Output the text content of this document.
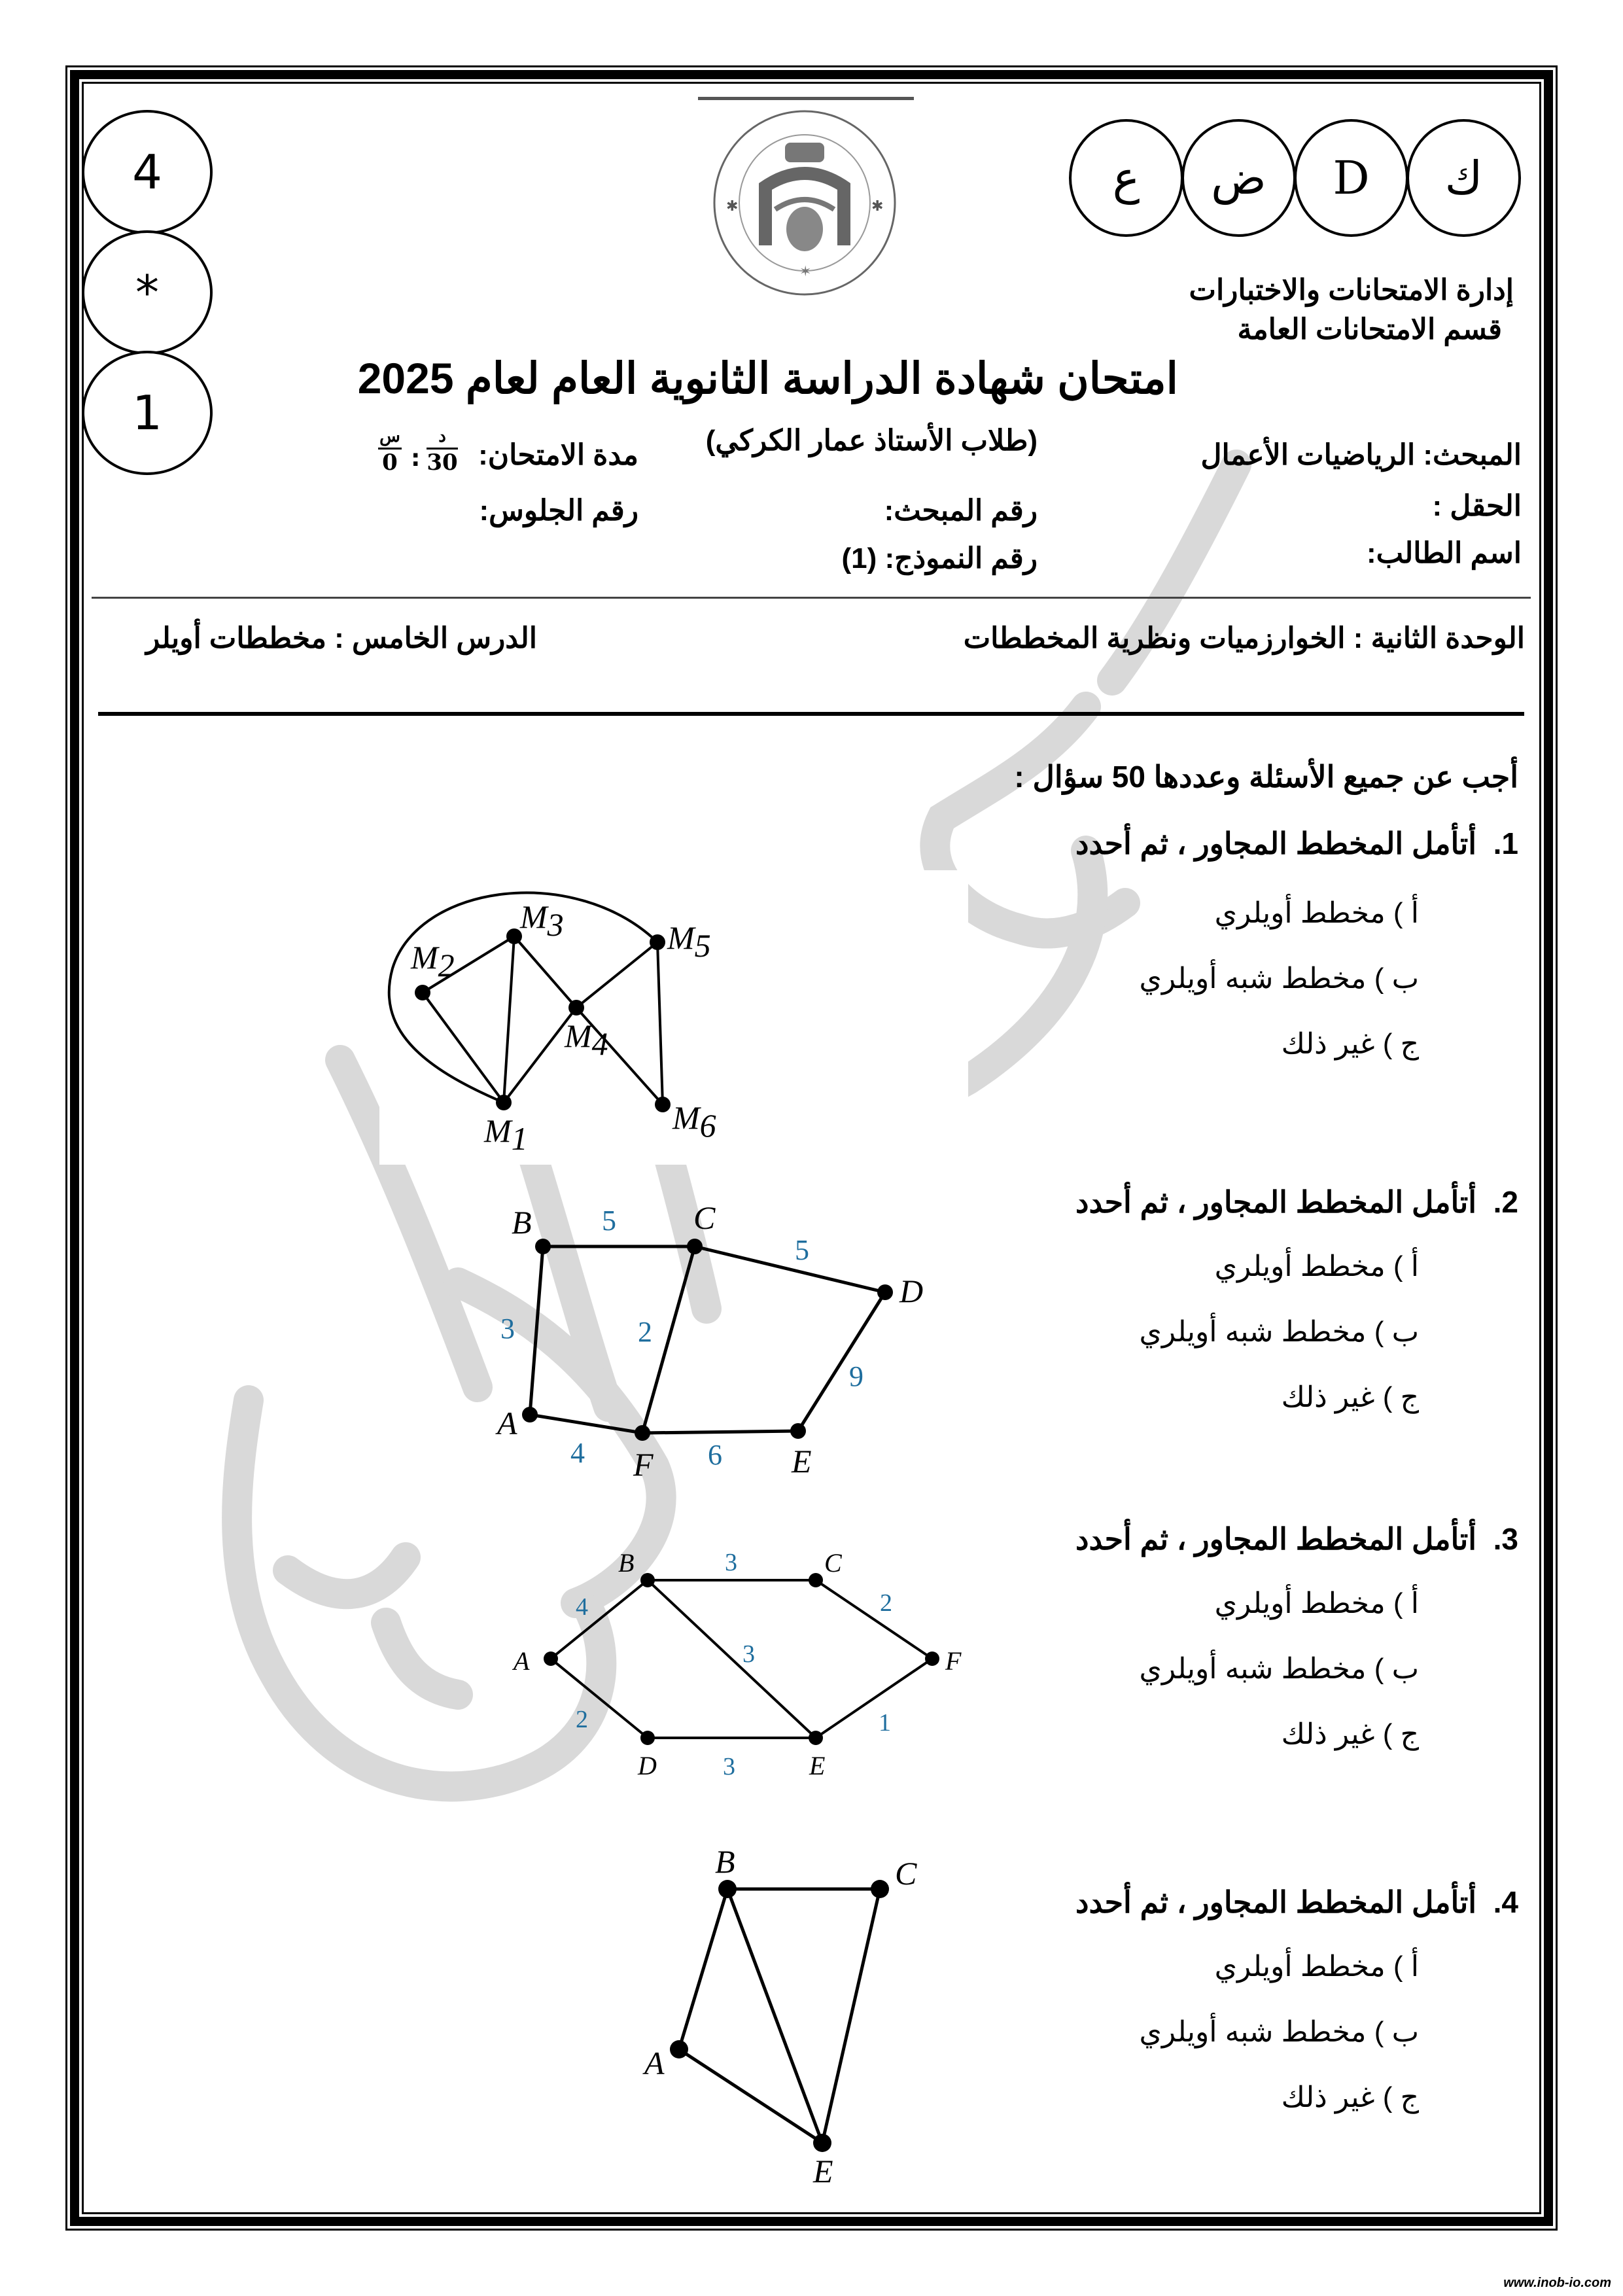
4
*
1
ك
D
ض
ع
✱	✱
✶
إدارة الامتحانات والاختبارات
قسم الامتحانات العامة
امتحان شهادة الدراسة الثانوية العام لعام 2025
(طلاب الأستاذ عمار الكركي)	المبحث: الرياضيات الأعمال
الحقل :
اسم الطالب:
رقم المبحث:
رقم النموذج: (1)
مدة الامتحان:
د
30
:
س
0
رقم الجلوس:
الوحدة الثانية : الخوارزميات ونظرية المخططات
الدرس الخامس : مخططات أويلر
أجب عن جميع الأسئلة وعددها 50 سؤال :
1.  أتأمل المخطط المجاور ، ثم أحدد
أ ) مخطط أويلري
ب ) مخطط شبه أويلري
ج ) غير ذلك
M1
M2
M3
M4
M5
M6
2.  أتأمل المخطط المجاور ، ثم أحدد
أ ) مخطط أويلري
ب ) مخطط شبه أويلري
ج ) غير ذلك
A
B	C
D
E
F
5
5
3	2
4	6
9
3.  أتأمل المخطط المجاور ، ثم أحدد
أ ) مخطط أويلري
ب ) مخطط شبه أويلري
ج ) غير ذلك
A
B	C
D	E
F
3
4
3
2
2
3
1
4.  أتأمل المخطط المجاور ، ثم أحدد
أ ) مخطط أويلري
ب ) مخطط شبه أويلري
ج ) غير ذلك
A
B	C
E
www.inob-io.com
